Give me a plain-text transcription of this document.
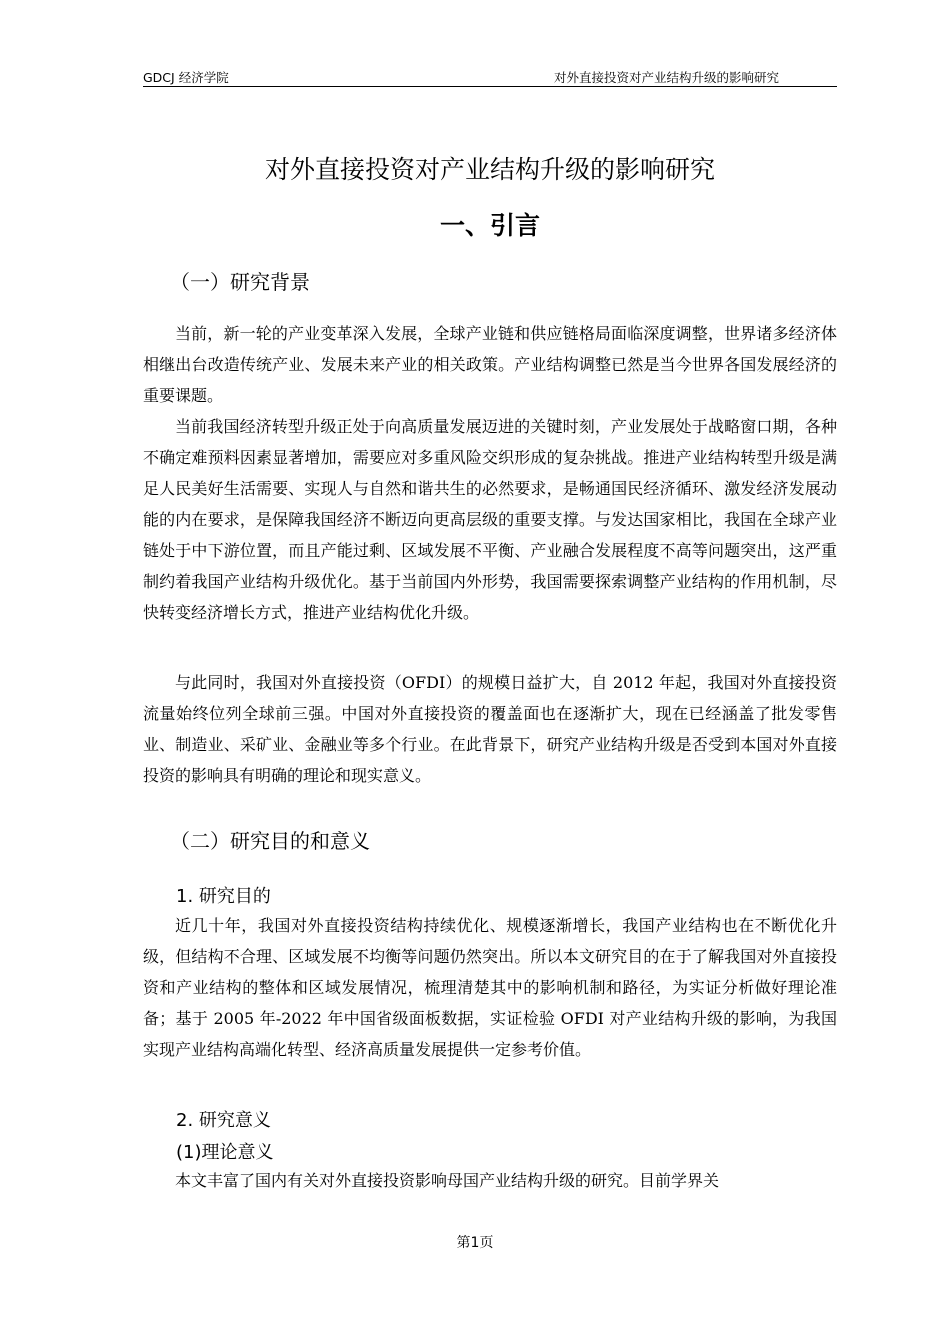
GDCJ 经济学院	对外直接投资对产业结构升级的影响研究
对外直接投资对产业结构升级的影响研究
一、引言
（一）研究背景

当前，新一轮的产业变革深入发展，全球产业链和供应链格局面临深度调整，世界诸多经济体相继出台改造传统产业、发展未来产业的相关政策。产业结构调整已然是当今世界各国发展经济的重要课题。

当前我国经济转型升级正处于向高质量发展迈进的关键时刻，产业发展处于战略窗口期，各种不确定难预料因素显著增加，需要应对多重风险交织形成的复杂挑战。推进产业结构转型升级是满足人民美好生活需要、实现人与自然和谐共生的必然要求，是畅通国民经济循环、激发经济发展动能的内在要求，是保障我国经济不断迈向更高层级的重要支撑。与发达国家相比，我国在全球产业链处于中下游位置，而且产能过剩、区域发展不平衡、产业融合发展程度不高等问题突出，这严重制约着我国产业结构升级优化。基于当前国内外形势，我国需要探索调整产业结构的作用机制，尽快转变经济增长方式，推进产业结构优化升级。

与此同时，我国对外直接投资（OFDI）的规模日益扩大，自 2012 年起，我国对外直接投资流量始终位列全球前三强。中国对外直接投资的覆盖面也在逐渐扩大，现在已经涵盖了批发零售业、制造业、采矿业、金融业等多个行业。在此背景下，研究产业结构升级是否受到本国对外直接投资的影响具有明确的理论和现实意义。

（二）研究目的和意义
1. 研究目的

近几十年，我国对外直接投资结构持续优化、规模逐渐增长，我国产业结构也在不断优化升级，但结构不合理、区域发展不均衡等问题仍然突出。所以本文研究目的在于了解我国对外直接投资和产业结构的整体和区域发展情况，梳理清楚其中的影响机制和路径，为实证分析做好理论准备；基于 2005 年-2022 年中国省级面板数据，实证检验 OFDI 对产业结构升级的影响，为我国实现产业结构高端化转型、经济高质量发展提供一定参考价值。

2. 研究意义
(1)理论意义

本文丰富了国内有关对外直接投资影响母国产业结构升级的研究。目前学界关

第1页
